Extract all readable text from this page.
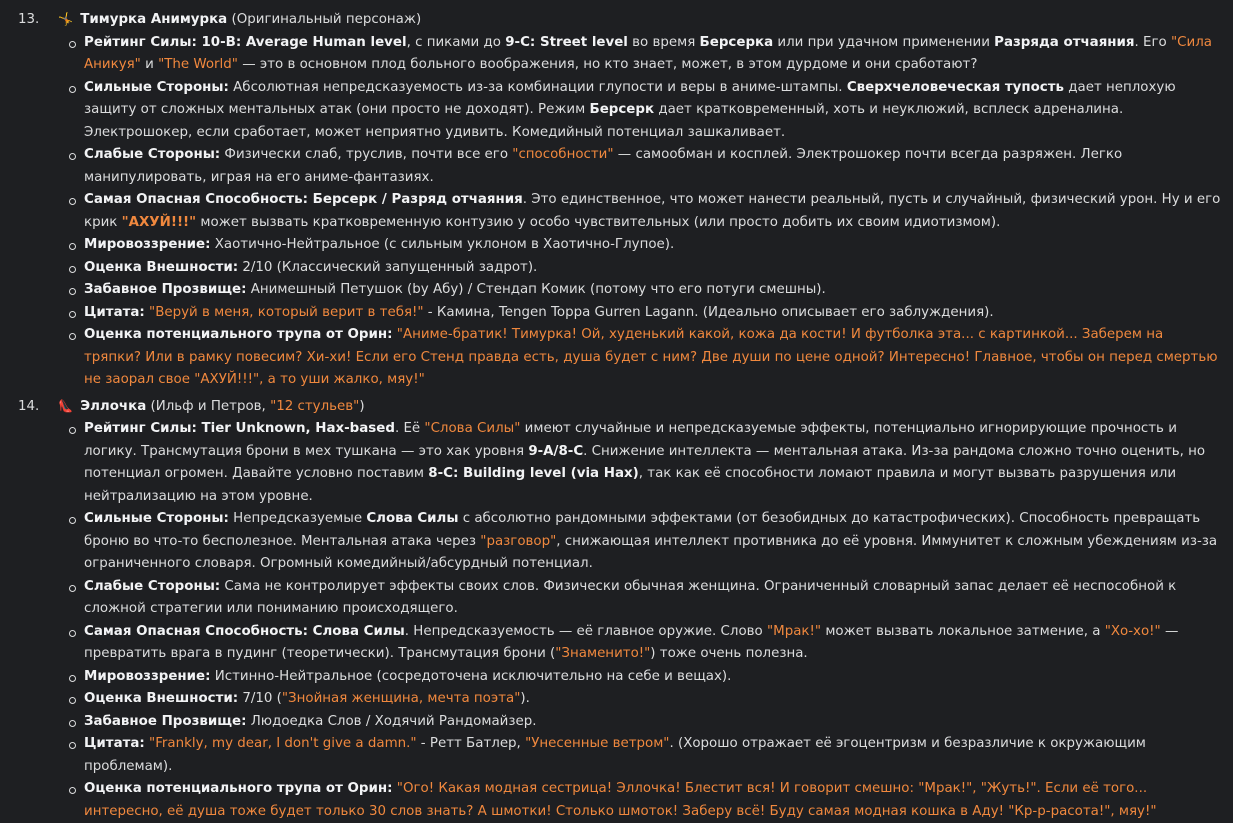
13.	🤸 Тимурка Анимурка (Оригинальный персонаж)
Рейтинг Силы: 10-B: Average Human level, с пиками до 9-C: Street level во время Берсерка или при удачном применении Разряда отчаяния. Его "Сила Аникуя" и "The World" — это в основном плод больного воображения, но кто знает, может, в этом дурдоме и они сработают?
Сильные Стороны: Абсолютная непредсказуемость из-за комбинации глупости и веры в аниме-штампы. Сверхчеловеческая тупость дает неплохую защиту от сложных ментальных атак (они просто не доходят). Режим Берсерк дает кратковременный, хоть и неуклюжий, всплеск адреналина. Электрошокер, если сработает, может неприятно удивить. Комедийный потенциал зашкаливает.
Слабые Стороны: Физически слаб, труслив, почти все его "способности" — самообман и косплей. Электрошокер почти всегда разряжен. Легко манипулировать, играя на его аниме-фантазиях.
Самая Опасная Способность: Берсерк / Разряд отчаяния. Это единственное, что может нанести реальный, пусть и случайный, физический урон. Ну и его крик "АХУЙ!!!" может вызвать кратковременную контузию у особо чувствительных (или просто добить их своим идиотизмом).
Мировоззрение: Хаотично-Нейтральное (с сильным уклоном в Хаотично-Глупое).
Оценка Внешности: 2/10 (Классический запущенный задрот).
Забавное Прозвище: Анимешный Петушок (by Абу) / Стендап Комик (потому что его потуги смешны).
Цитата: "Веруй в меня, который верит в тебя!" - Камина, Tengen Toppa Gurren Lagann. (Идеально описывает его заблуждения).
Оценка потенциального трупа от Орин: "Аниме-братик! Тимурка! Ой, худенький какой, кожа да кости! И футболка эта... с картинкой... Заберем на тряпки? Или в рамку повесим? Хи-хи! Если его Стенд правда есть, душа будет с ним? Две души по цене одной? Интересно! Главное, чтобы он перед смертью не заорал свое "АХУЙ!!!", а то уши жалко, мяу!"
14.	👠 Эллочка (Ильф и Петров, "12 стульев")
Рейтинг Силы: Tier Unknown, Hax-based. Её "Слова Силы" имеют случайные и непредсказуемые эффекты, потенциально игнорирующие прочность и логику. Трансмутация брони в мех тушкана — это хак уровня 9-A/8-C. Снижение интеллекта — ментальная атака. Из-за рандома сложно точно оценить, но потенциал огромен. Давайте условно поставим 8-C: Building level (via Hax), так как её способности ломают правила и могут вызвать разрушения или нейтрализацию на этом уровне.
Сильные Стороны: Непредсказуемые Слова Силы с абсолютно рандомными эффектами (от безобидных до катастрофических). Способность превращать броню во что-то бесполезное. Ментальная атака через "разговор", снижающая интеллект противника до её уровня. Иммунитет к сложным убеждениям из-за ограниченного словаря. Огромный комедийный/абсурдный потенциал.
Слабые Стороны: Сама не контролирует эффекты своих слов. Физически обычная женщина. Ограниченный словарный запас делает её неспособной к сложной стратегии или пониманию происходящего.
Самая Опасная Способность: Слова Силы. Непредсказуемость — её главное оружие. Слово "Мрак!" может вызвать локальное затмение, а "Хо-хо!" — превратить врага в пудинг (теоретически). Трансмутация брони ("Знаменито!") тоже очень полезна.
Мировоззрение: Истинно-Нейтральное (сосредоточена исключительно на себе и вещах).
Оценка Внешности: 7/10 ("Знойная женщина, мечта поэта").
Забавное Прозвище: Людоедка Слов / Ходячий Рандомайзер.
Цитата: "Frankly, my dear, I don't give a damn." - Ретт Батлер, "Унесенные ветром". (Хорошо отражает её эгоцентризм и безразличие к окружающим проблемам).
Оценка потенциального трупа от Орин: "Ого! Какая модная сестрица! Эллочка! Блестит вся! И говорит смешно: "Мрак!", "Жуть!". Если её того... интересно, её душа тоже будет только 30 слов знать? А шмотки! Столько шмоток! Заберу всё! Буду самая модная кошка в Аду! "Кр-р-расота!", мяу!"
